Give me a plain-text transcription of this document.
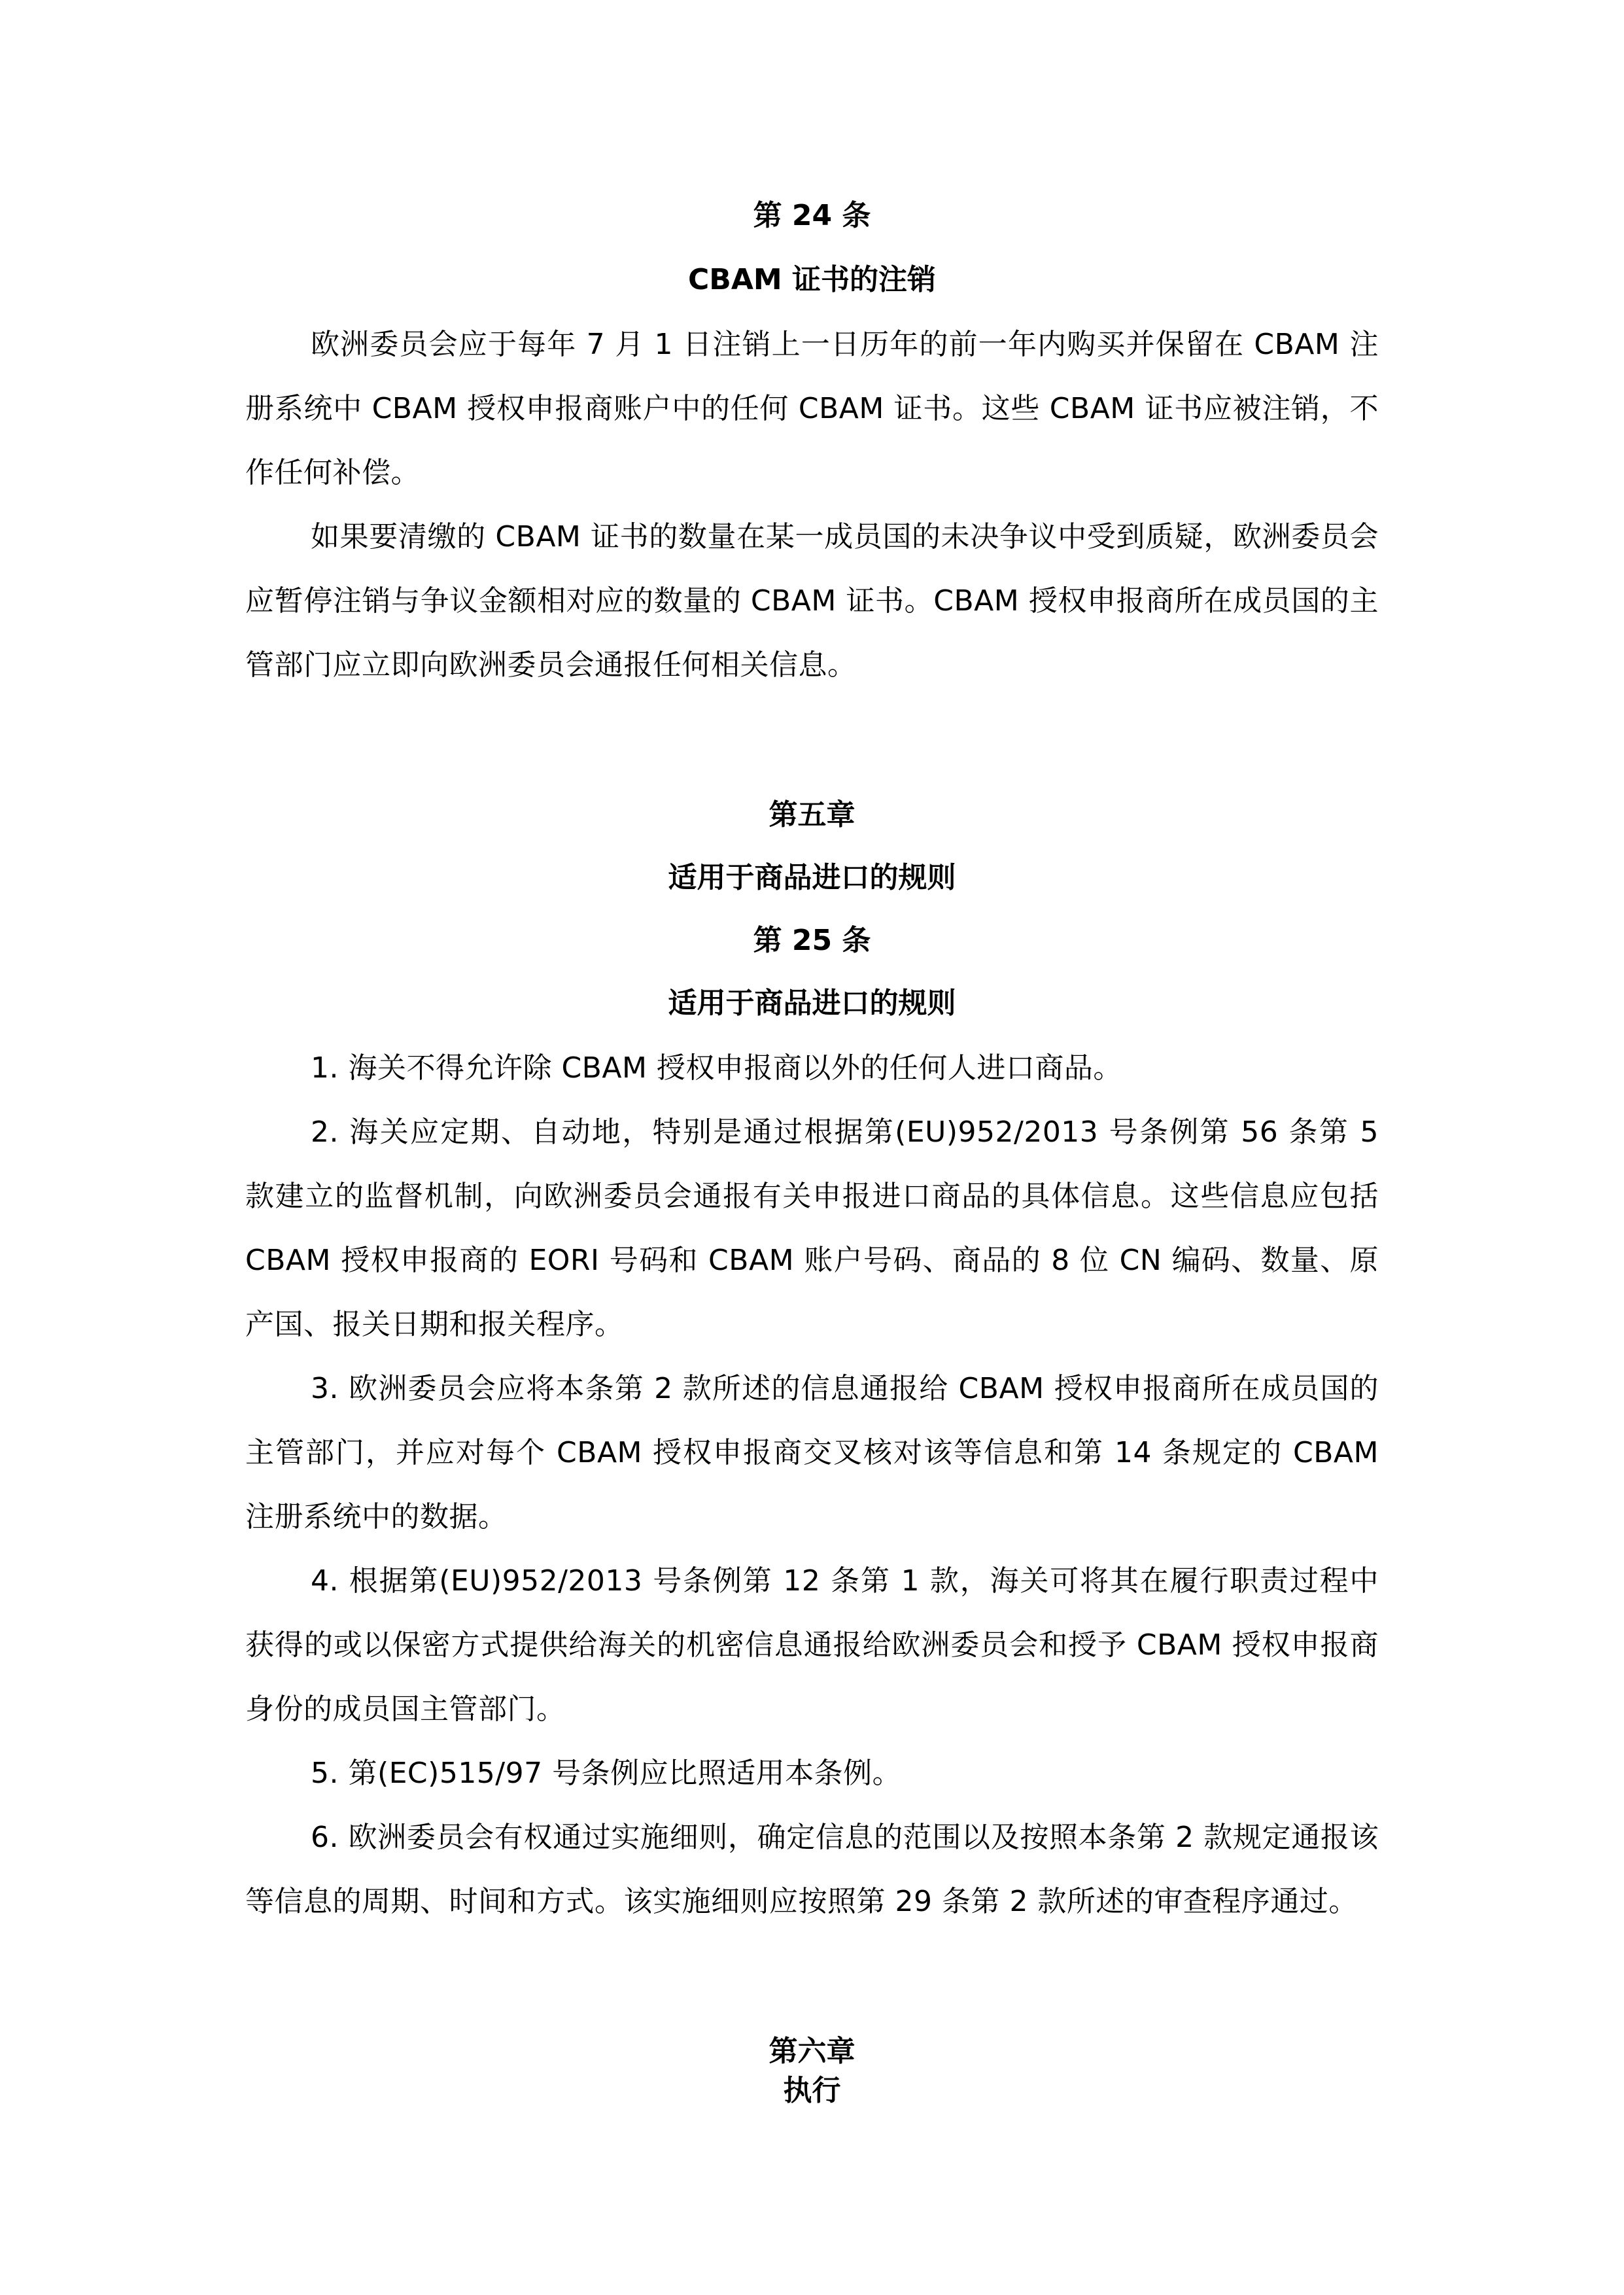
第 24 条

CBAM 证书的注销

欧洲委员会应于每年 7 月 1 日注销上一日历年的前一年内购买并保留在 CBAM 注册系统中 CBAM 授权申报商账户中的任何 CBAM 证书。这些 CBAM 证书应被注销，不作任何补偿。

如果要清缴的 CBAM 证书的数量在某一成员国的未决争议中受到质疑，欧洲委员会应暂停注销与争议金额相对应的数量的 CBAM 证书。CBAM 授权申报商所在成员国的主管部门应立即向欧洲委员会通报任何相关信息。

第五章

适用于商品进口的规则

第 25 条

适用于商品进口的规则

1. 海关不得允许除 CBAM 授权申报商以外的任何人进口商品。

2. 海关应定期、自动地，特别是通过根据第(EU)952/2013 号条例第 56 条第 5 款建立的监督机制，向欧洲委员会通报有关申报进口商品的具体信息。这些信息应包括 CBAM 授权申报商的 EORI 号码和 CBAM 账户号码、商品的 8 位 CN 编码、数量、原产国、报关日期和报关程序。

3. 欧洲委员会应将本条第 2 款所述的信息通报给 CBAM 授权申报商所在成员国的主管部门，并应对每个 CBAM 授权申报商交叉核对该等信息和第 14 条规定的 CBAM 注册系统中的数据。

4. 根据第(EU)952/2013 号条例第 12 条第 1 款，海关可将其在履行职责过程中获得的或以保密方式提供给海关的机密信息通报给欧洲委员会和授予 CBAM 授权申报商身份的成员国主管部门。

5. 第(EC)515/97 号条例应比照适用本条例。

6. 欧洲委员会有权通过实施细则，确定信息的范围以及按照本条第 2 款规定通报该等信息的周期、时间和方式。该实施细则应按照第 29 条第 2 款所述的审查程序通过。

第六章

执行
